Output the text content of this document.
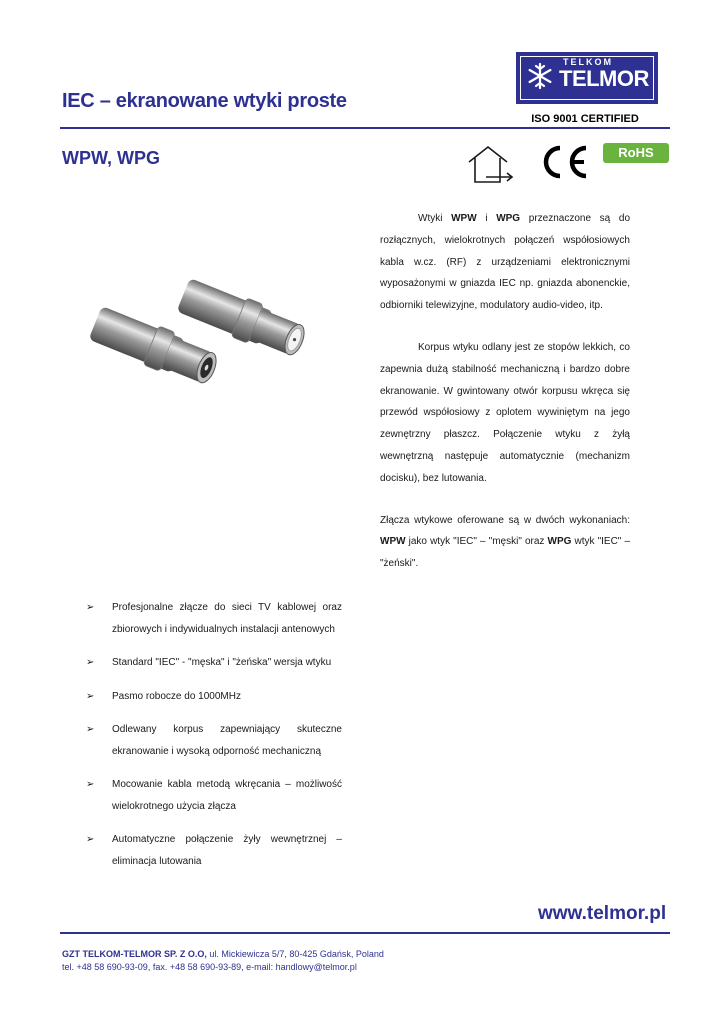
TELKOM
TELMOR
IEC – ekranowane wtyki proste
ISO 9001 CERTIFIED
WPW, WPG	RoHS

Wtyki WPW i WPG przeznaczone są do rozłącznych, wielokrotnych połączeń współosiowych kabla w.cz. (RF) z urządzeniami elektronicznymi wyposażonymi w gniazda IEC np. gniazda abonenckie, odbiorniki telewizyjne, modulatory audio-video, itp.

Korpus wtyku odlany jest ze stopów lekkich, co zapewnia dużą stabilność mechaniczną i bardzo dobre ekranowanie. W gwintowany otwór korpusu wkręca się przewód współosiowy z oplotem wywiniętym na jego zewnętrzny płaszcz. Połączenie wtyku z żyłą wewnętrzną następuje automatycznie (mechanizm docisku), bez lutowania.

Złącza wtykowe oferowane są w dwóch wykonaniach: WPW jako wtyk "IEC" – "męski" oraz WPG wtyk "IEC" – "żeński".

➢ Profesjonalne złącze do sieci TV kablowej oraz zbiorowych i indywidualnych instalacji antenowych
➢ Standard "IEC" - "męska" i "żeńska" wersja wtyku
➢ Pasmo robocze do 1000MHz
➢ Odlewany korpus zapewniający skuteczne ekranowanie i wysoką odporność mechaniczną
➢ Mocowanie kabla metodą wkręcania – możliwość wielokrotnego użycia złącza
➢ Automatyczne połączenie żyły wewnętrznej – eliminacja lutowania
www.telmor.pl
GZT TELKOM-TELMOR SP. Z O.O, ul. Mickiewicza 5/7, 80-425 Gdańsk, Poland
tel. +48 58 690-93-09, fax. +48 58 690-93-89, e-mail: handlowy@telmor.pl
